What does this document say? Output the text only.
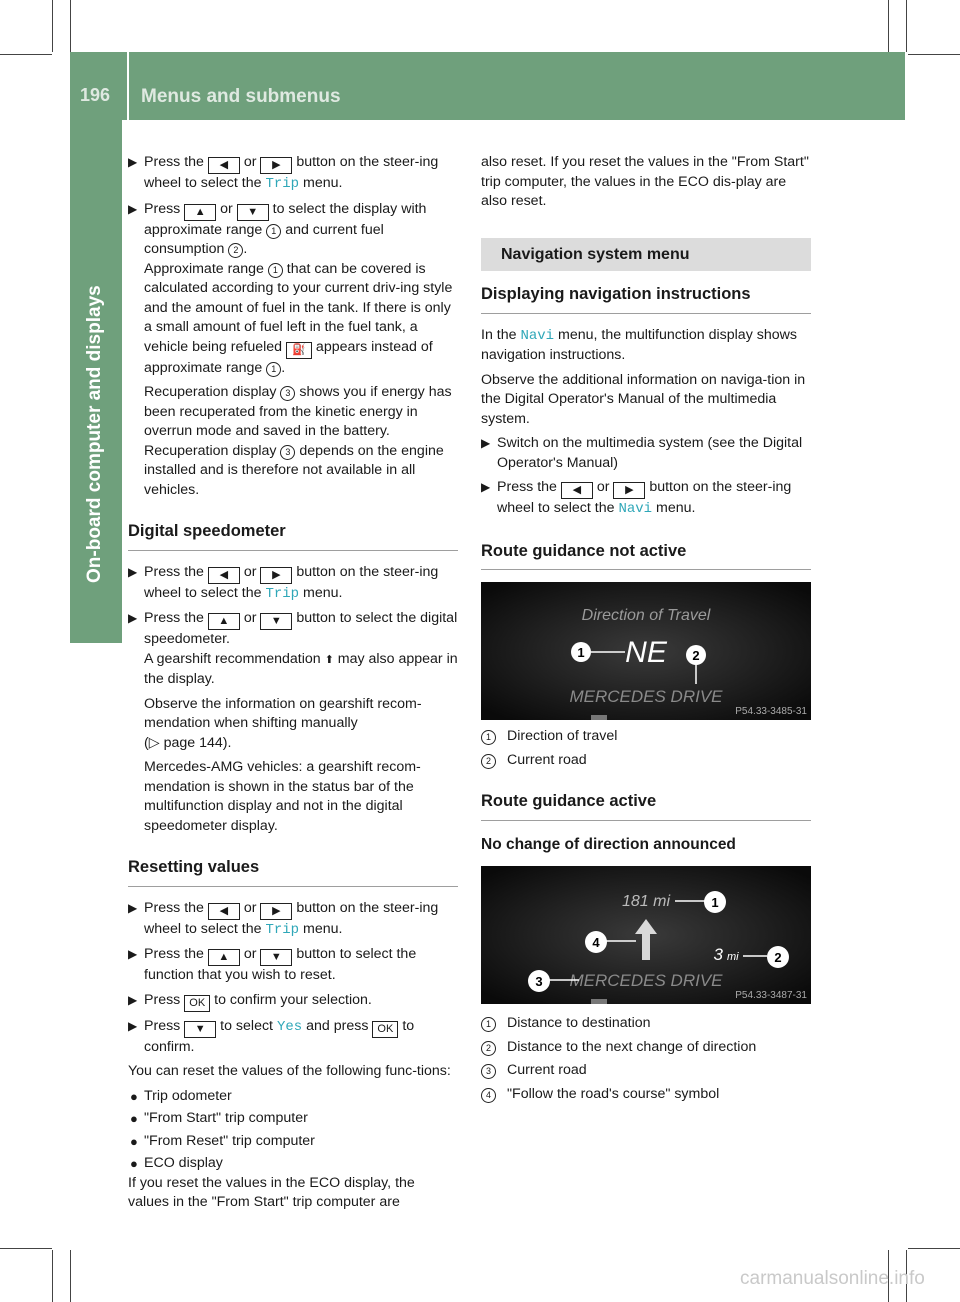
196 Menus and submenus
On-board computer and displays
▶ Press the ◀ or ▶ button on the steer-ing wheel to select the Trip menu.
▶ Press ▲ or ▼ to select the display with approximate range 1 and current fuel consumption 2 .
Approximate range 1 that can be covered is calculated according to your current driv-ing style and the amount of fuel in the tank. If there is only a small amount of fuel left in the fuel tank, a vehicle being refueled ⛽ appears instead of approximate range 1 .
Recuperation display 3 shows you if energy has been recuperated from the kinetic energy in overrun mode and saved in the battery. Recuperation display 3 depends on the engine installed and is therefore not available in all vehicles.
Digital speedometer
▶ Press the ◀ or ▶ button on the steer-ing wheel to select the Trip menu.
▶ Press the ▲ or ▼ button to select the digital speedometer.
A gearshift recommendation ⬆ may also appear in the display.
Observe the information on gearshift recom-mendation when shifting manually
(▷ page 144).
Mercedes-AMG vehicles: a gearshift recom-mendation is shown in the status bar of the multifunction display and not in the digital speedometer display.
Resetting values
▶ Press the ◀ or ▶ button on the steer-ing wheel to select the Trip menu.
▶ Press the ▲ or ▼ button to select the function that you wish to reset.
▶ Press OK to confirm your selection.
▶ Press ▼ to select Yes and press OK to confirm.
You can reset the values of the following func-tions:
● Trip odometer
● "From Start" trip computer
● "From Reset" trip computer
● ECO display
If you reset the values in the ECO display, the values in the "From Start" trip computer are
also reset. If you reset the values in the "From Start" trip computer, the values in the ECO dis-play are also reset.
Navigation system menu
Displaying navigation instructions
In the Navi menu, the multifunction display shows navigation instructions.
Observe the additional information on naviga-tion in the Digital Operator's Manual of the multimedia system.
▶ Switch on the multimedia system (see the Digital Operator's Manual)
▶ Press the ◀ or ▶ button on the steer-ing wheel to select the Navi menu.
Route guidance not active
Direction of Travel
NE
MERCEDES DRIVE
1	2
P54.33-3485-31
1	Direction of travel
2	Current road
Route guidance active
No change of direction announced
181 mi	1
4
3 mi	2
MERCEDES DRIVE
3
P54.33-3487-31
1	Distance to destination
2	Distance to the next change of direction
3	Current road
4	"Follow the road's course" symbol
carmanualsonline.info
